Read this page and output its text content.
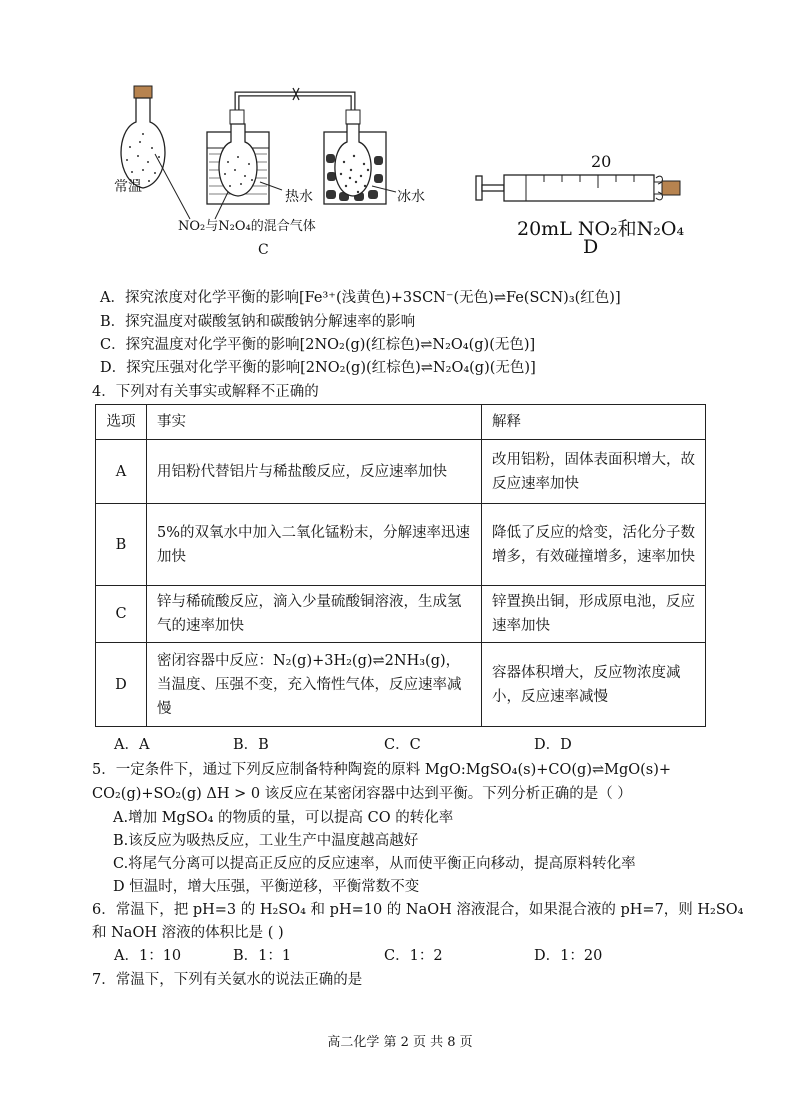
常温
热水	冰水
NO₂与N₂O₄的混合气体
C
20
20mL NO₂和N₂O₄
D
A．探究浓度对化学平衡的影响[Fe³⁺(浅黄色)+3SCN⁻(无色)⇌Fe(SCN)₃(红色)]
B．探究温度对碳酸氢钠和碳酸钠分解速率的影响
C．探究温度对化学平衡的影响[2NO₂(g)(红棕色)⇌N₂O₄(g)(无色)]
D．探究压强对化学平衡的影响[2NO₂(g)(红棕色)⇌N₂O₄(g)(无色)]
4．下列对有关事实或解释不正确的
选项	事实	解释
A	用铝粉代替铝片与稀盐酸反应，反应速率加快	改用铝粉，固体表面积增大，故反应速率加快
B	5%的双氧水中加入二氧化锰粉末，分解速率迅速加快	降低了反应的焓变，活化分子数增多，有效碰撞增多，速率加快
C	锌与稀硫酸反应，滴入少量硫酸铜溶液，生成氢气的速率加快	锌置换出铜，形成原电池，反应速率加快
D	密闭容器中反应：N₂(g)+3H₂(g)⇌2NH₃(g)，当温度、压强不变，充入惰性气体，反应速率减慢	容器体积增大，反应物浓度减小，反应速率减慢
A．A	B．B	C．C	D．D
5．一定条件下，通过下列反应制备特种陶瓷的原料 MgO:MgSO₄(s)+CO(g)⇌MgO(s)+
CO₂(g)+SO₂(g) ΔH > 0 该反应在某密闭容器中达到平衡。下列分析正确的是（ ）
A.增加 MgSO₄ 的物质的量，可以提高 CO 的转化率
B.该反应为吸热反应，工业生产中温度越高越好
C.将尾气分离可以提高正反应的反应速率，从而使平衡正向移动，提高原料转化率
D 恒温时，增大压强，平衡逆移，平衡常数不变
6．常温下，把 pH=3 的 H₂SO₄ 和 pH=10 的 NaOH 溶液混合，如果混合液的 pH=7，则 H₂SO₄
和 NaOH 溶液的体积比是 ( )
A．1：10	B．1：1	C．1：2	D．1：20
7．常温下，下列有关氨水的说法正确的是
高二化学 第 2 页 共 8 页
